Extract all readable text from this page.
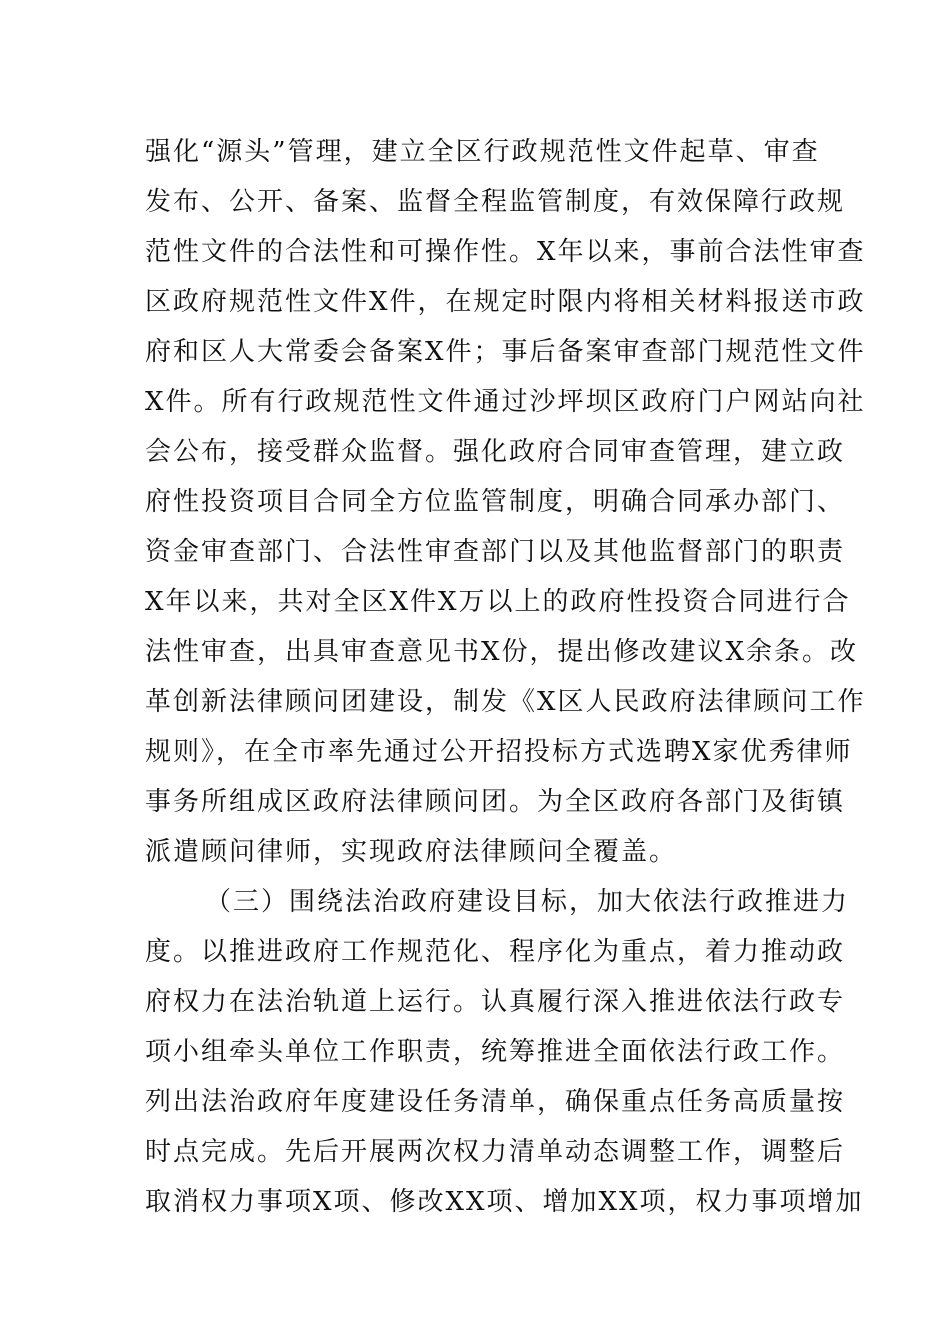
强化“源头”管理，建立全区行政规范性文件起草、审查
发布、公开、备案、监督全程监管制度，有效保障行政规
范性文件的合法性和可操作性。X年以来，事前合法性审查
区政府规范性文件X件，在规定时限内将相关材料报送市政
府和区人大常委会备案X件；事后备案审查部门规范性文件
X件。所有行政规范性文件通过沙坪坝区政府门户网站向社
会公布，接受群众监督。强化政府合同审查管理，建立政
府性投资项目合同全方位监管制度，明确合同承办部门、
资金审查部门、合法性审查部门以及其他监督部门的职责
X年以来，共对全区X件X万以上的政府性投资合同进行合
法性审查，出具审查意见书X份，提出修改建议X余条。改
革创新法律顾问团建设，制发《X区人民政府法律顾问工作
规则》，在全市率先通过公开招投标方式选聘X家优秀律师
事务所组成区政府法律顾问团。为全区政府各部门及街镇
派遣顾问律师，实现政府法律顾问全覆盖。
（三）围绕法治政府建设目标，加大依法行政推进力
度。以推进政府工作规范化、程序化为重点，着力推动政
府权力在法治轨道上运行。认真履行深入推进依法行政专
项小组牵头单位工作职责，统筹推进全面依法行政工作。
列出法治政府年度建设任务清单，确保重点任务高质量按
时点完成。先后开展两次权力清单动态调整工作，调整后
取消权力事项X项、修改XX项、增加XX项，权力事项增加
